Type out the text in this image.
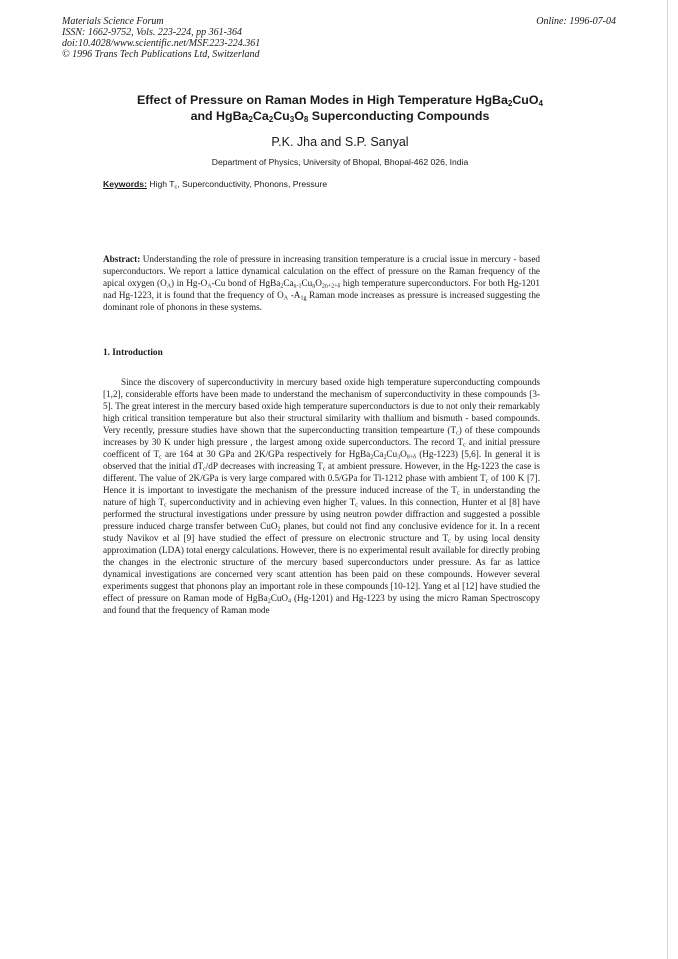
Materials Science Forum
ISSN: 1662-9752, Vols. 223-224, pp 361-364
doi:10.4028/www.scientific.net/MSF.223-224.361
© 1996 Trans Tech Publications Ltd, Switzerland
Online: 1996-07-04
Effect of Pressure on Raman Modes in High Temperature HgBa$_2$CuO$_4$
and $HgBa_2Ca_2Cu_3O_8$ Superconducting Compounds
P.K. Jha and S.P. Sanyal
Department of Physics, University of Bhopal, Bhopal-462 026, India
Keywords: High $T_c$, Superconductivity, Phonons, Pressure
Abstract: Understanding the role of pressure in increasing transition temperature is a crucial issue in mercury - based superconductors. We report a lattice dynamical calculation on the effect of pressure on the Raman frequency of the apical oxygen $(O_A)$ in $Hg-O_A-Cu$ bond of $HgBa_2Ca_{n-1}Cu_nO_{2n+2+\delta}$ high temperature superconductors. For both Hg-1201 nad Hg-1223, it is found that the frequency of $O_A$ $-A_{1g}$ Raman mode increases as pressure is increased suggesting the dominant role of phonons in these systems.
1. Introduction
Since the discovery of superconductivity in mercury based oxide high temperature superconducting compounds [1,2], considerable efforts have been made to understand the mechanism of superconductivity in these compounds [3-5]. The great interest in the mercury based oxide high temperature superconductors is due to not only their remarkably high critical transition temperature but also their structural similarity with thallium and bismuth - based compounds. Very recently, pressure studies have shown that the superconducting transition tempearture $(T_c)$ of these compounds increases by 30 K under high pressure , the largest among oxide superconductors. The record $T_c$ and initial pressure coefficent of $T_c$ are 164 at 30 GPa and 2K/GPa respectively for $HgBa_2Ca_2Cu_3O_{8+\delta}$ (Hg-1223) [5,6]. In general it is observed that the initial $dT_c/dP$ decreases with increasing $T_c$ at ambient pressure. However, in the Hg-1223 the case is different. The value of 2K/GPa is very large compared with 0.5/GPa for Tl-1212 phase with ambient $T_c$ of 100 K [7]. Hence it is important to investigate the mechanism of the pressure induced increase of the $T_c$ in understanding the nature of high $T_c$ superconductivity and in achieving even higher $T_c$ values. In this connection, Hunter et al [8] have performed the structural investigations under pressure by using neutron powder diffraction and suggested a possible pressure induced charge transfer between CuO$_2$ planes, but could not find any conclusive evidence for it. In a recent study Navikov et al [9] have studied the effect of pressure on electronic structure and $T_c$ by using local density approximation (LDA) total energy calculations. However, there is no experimental result available for directly probing the changes in the electronic structure of the mercury based superconductors under pressure. As far as lattice dynamical investigations are concerned very scant attention has been paid on these compounds. However several experiments suggest that phonons play an important role in these compounds [10-12]. Yang et al [12] have studied the effect of pressure on Raman mode of HgBa$_2$CuO$_4$ (Hg-1201) and Hg-1223 by using the micro Raman Spectroscopy and found that the frequency of Raman mode
